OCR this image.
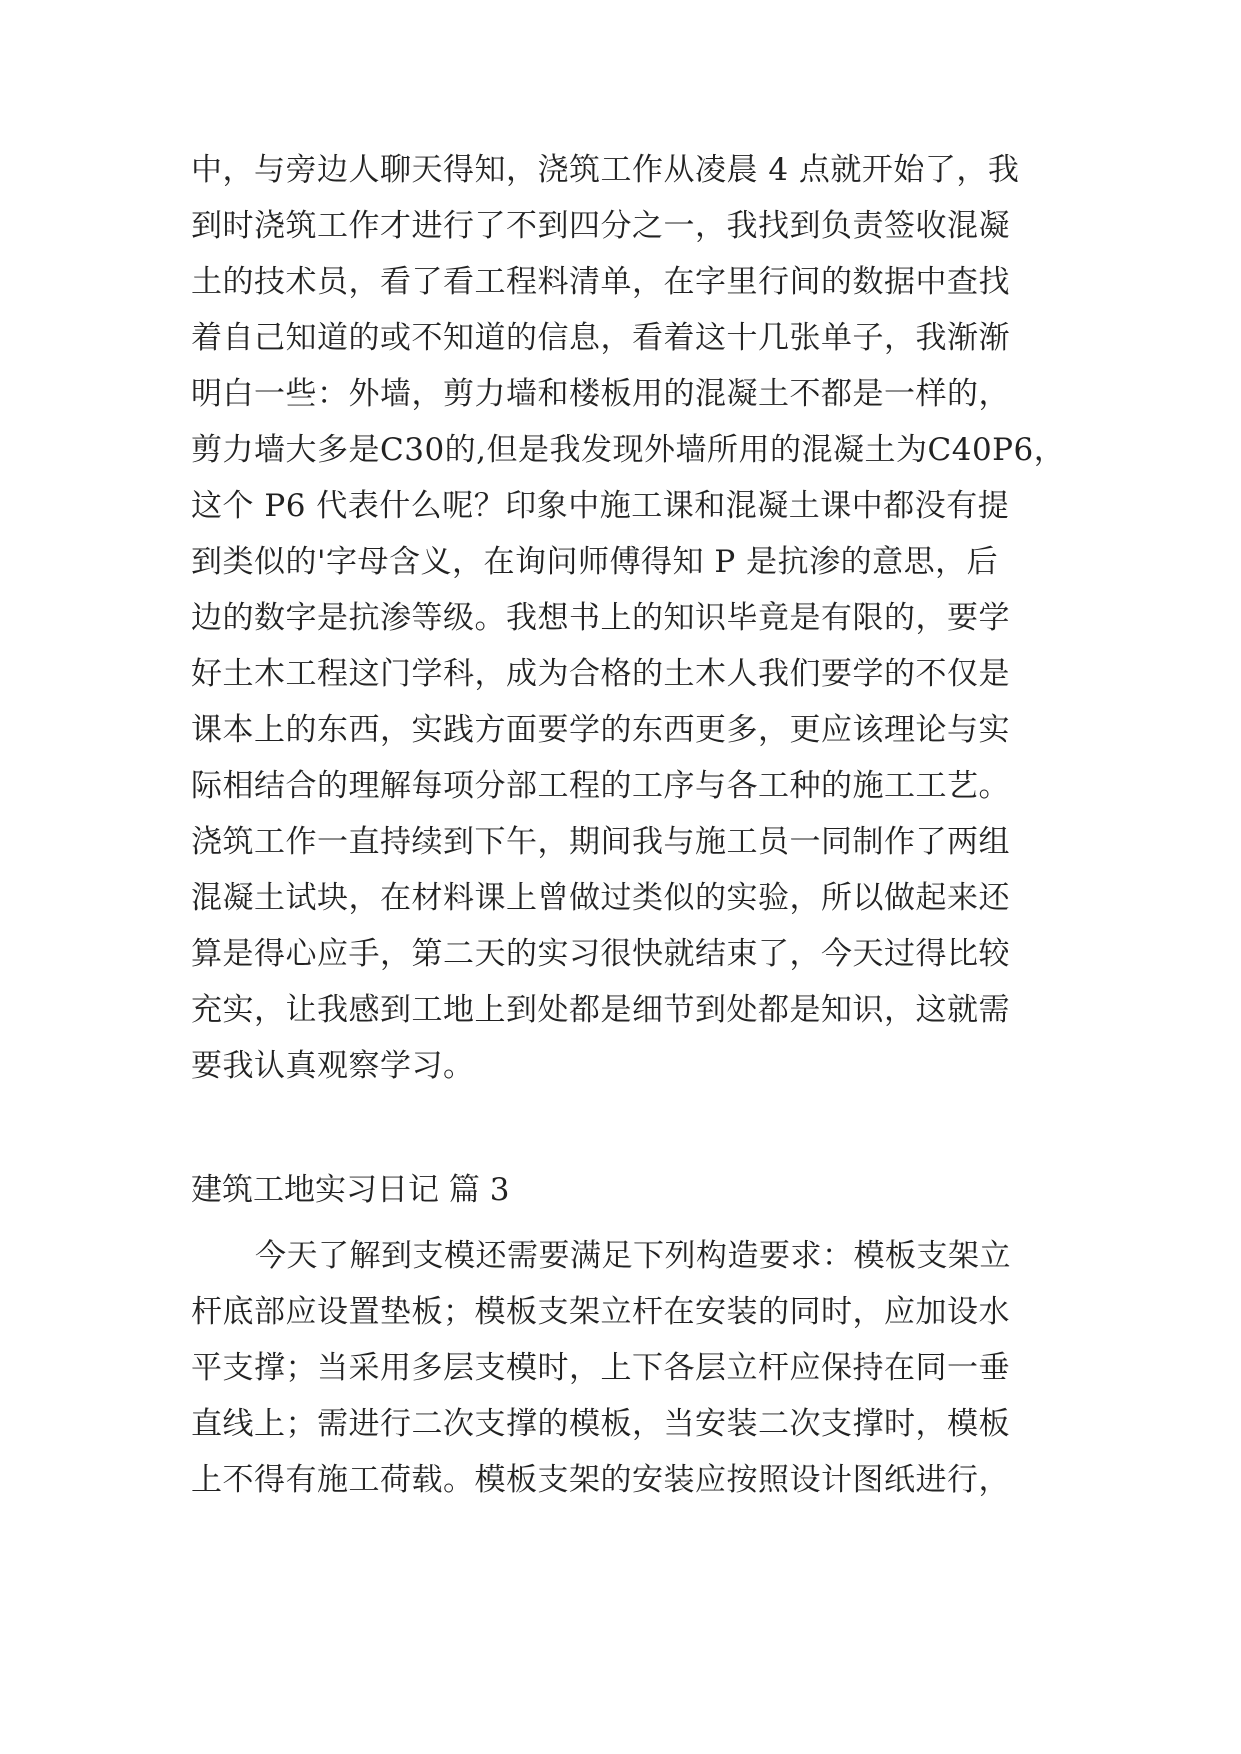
中，与旁边人聊天得知，浇筑工作从凌晨 4 点就开始了，我
到时浇筑工作才进行了不到四分之一，我找到负责签收混凝
土的技术员，看了看工程料清单，在字里行间的数据中查找
着自己知道的或不知道的信息，看着这十几张单子，我渐渐
明白一些：外墙，剪力墙和楼板用的混凝土不都是一样的，
剪力墙大多是C30的,但是我发现外墙所用的混凝土为C40P6，
这个 P6 代表什么呢？印象中施工课和混凝土课中都没有提
到类似的'字母含义，在询问师傅得知 P 是抗渗的意思，后
边的数字是抗渗等级。我想书上的知识毕竟是有限的，要学
好土木工程这门学科，成为合格的土木人我们要学的不仅是
课本上的东西，实践方面要学的东西更多，更应该理论与实
际相结合的理解每项分部工程的工序与各工种的施工工艺。
浇筑工作一直持续到下午，期间我与施工员一同制作了两组
混凝土试块，在材料课上曾做过类似的实验，所以做起来还
算是得心应手，第二天的实习很快就结束了，今天过得比较
充实，让我感到工地上到处都是细节到处都是知识，这就需
要我认真观察学习。
建筑工地实习日记 篇 3
今天了解到支模还需要满足下列构造要求：模板支架立
杆底部应设置垫板；模板支架立杆在安装的同时，应加设水
平支撑；当采用多层支模时，上下各层立杆应保持在同一垂
直线上；需进行二次支撑的模板，当安装二次支撑时，模板
上不得有施工荷载。模板支架的安装应按照设计图纸进行，
